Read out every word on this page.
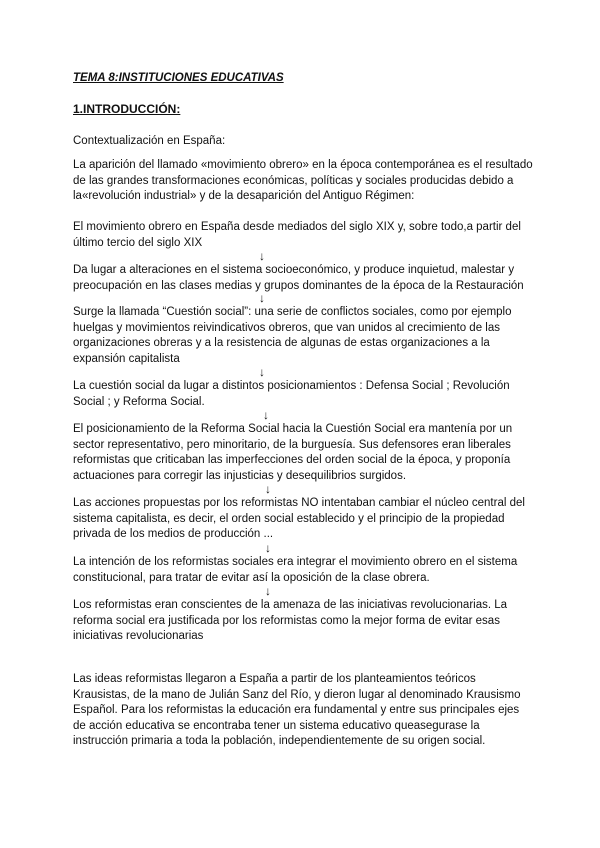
TEMA 8:INSTITUCIONES EDUCATIVAS
1.INTRODUCCIÓN:
Contextualización en España:
La aparición del llamado «movimiento obrero» en la época contemporánea es el resultado de las grandes transformaciones económicas, políticas y sociales producidas debido a la«revolución industrial» y de la desaparición del Antiguo Régimen:
El movimiento obrero en España desde mediados del siglo XIX y, sobre todo,a partir del último tercio del siglo XIX
↓
Da lugar a alteraciones en el sistema socioeconómico, y produce inquietud, malestar y preocupación en las clases medias y grupos dominantes de la época de la Restauración
↓
Surge la llamada “Cuestión social”: una serie de conflictos sociales, como por ejemplo huelgas y movimientos reivindicativos obreros, que van unidos al crecimiento de las organizaciones obreras y a la resistencia de algunas de estas organizaciones a la expansión capitalista
↓
La cuestión social da lugar a distintos posicionamientos : Defensa Social ; Revolución Social ; y Reforma Social.
↓
El posicionamiento de la Reforma Social hacia la Cuestión Social era mantenía por un sector representativo, pero minoritario, de la burguesía. Sus defensores eran liberales reformistas que criticaban las imperfecciones del orden social de la época, y proponía actuaciones para corregir las injusticias y desequilibrios surgidos.
↓
Las acciones propuestas por los reformistas NO intentaban cambiar el núcleo central del sistema capitalista, es decir, el orden social establecido y el principio de la propiedad privada de los medios de producción ...
↓
La intención de los reformistas sociales era integrar el movimiento obrero en el sistema constitucional, para tratar de evitar así la oposición de la clase obrera.
↓
Los reformistas eran conscientes de la amenaza de las iniciativas revolucionarias. La reforma social era justificada por los reformistas como la mejor forma de evitar esas iniciativas revolucionarias
Las ideas reformistas llegaron a España a partir de los planteamientos teóricos Krausistas, de la mano de Julián Sanz del Río, y dieron lugar al denominado Krausismo Español. Para los reformistas la educación era fundamental y entre sus principales ejes de acción educativa se encontraba tener un sistema educativo queasegurase la instrucción primaria a toda la población, independientemente de su origen social.
